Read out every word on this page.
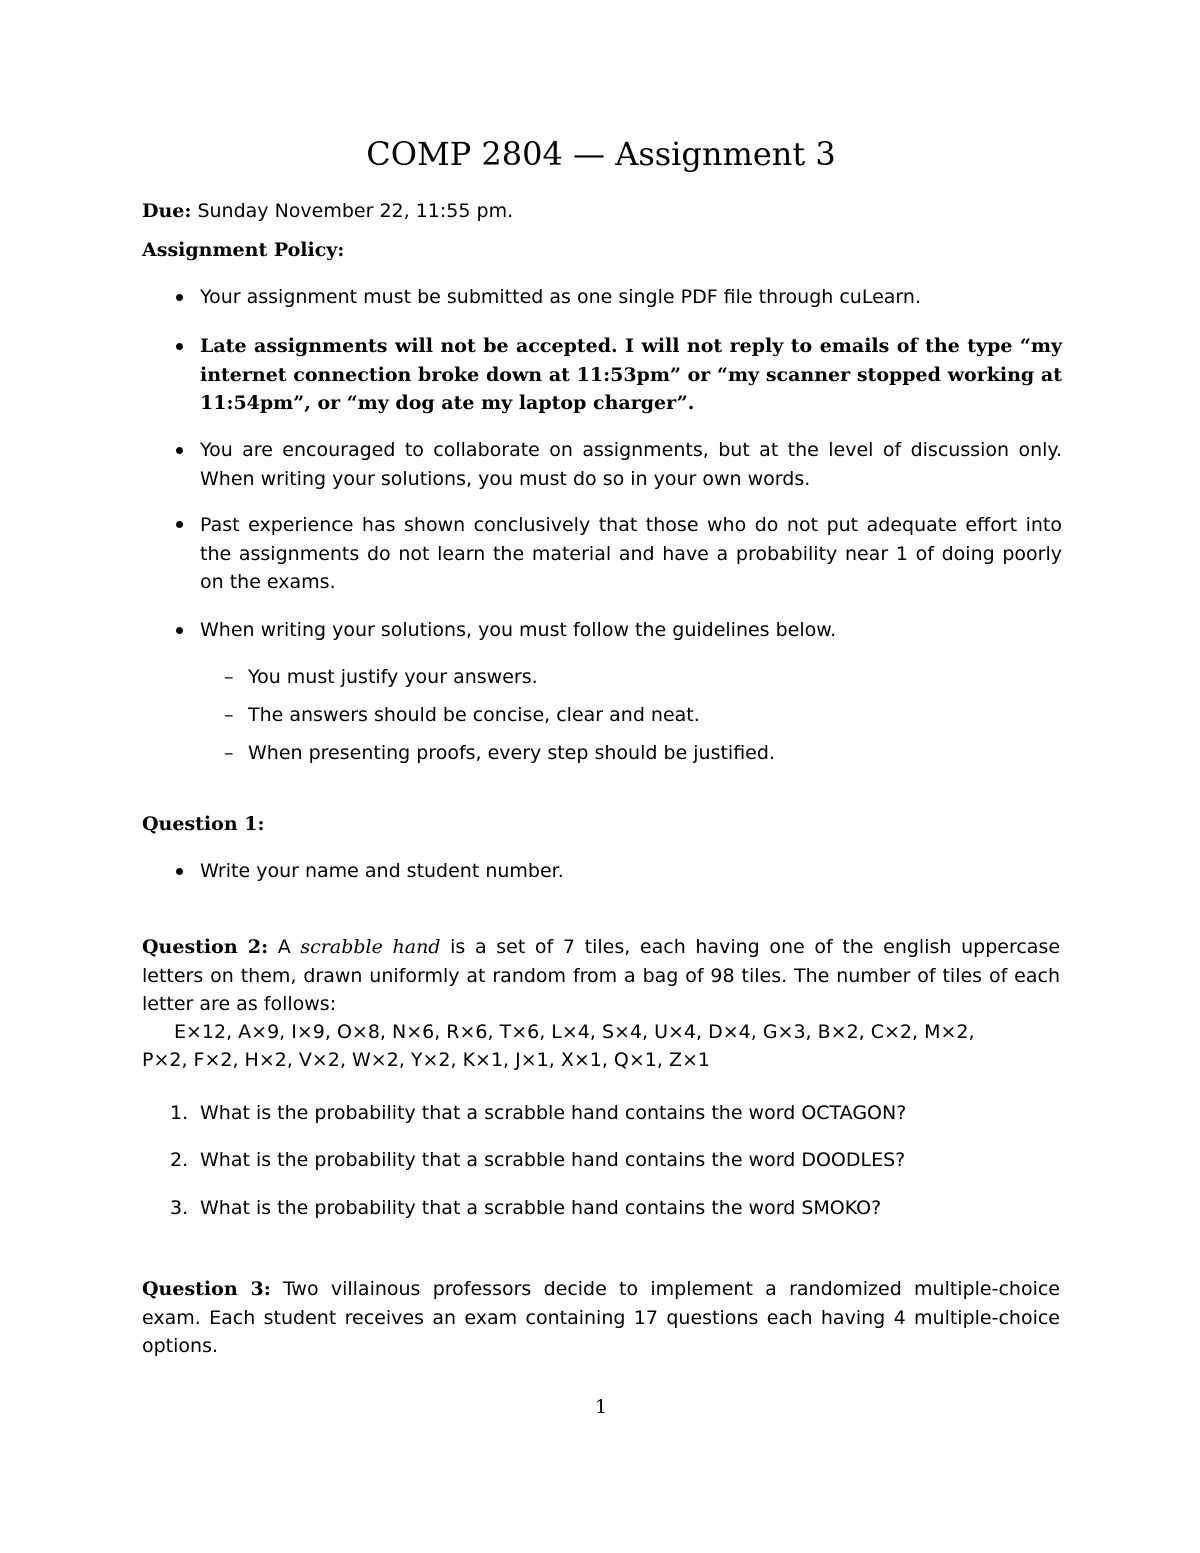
COMP 2804 — Assignment 3
Due: Sunday November 22, 11:55 pm.
Assignment Policy:
Your assignment must be submitted as one single PDF file through cuLearn.
Late assignments will not be accepted. I will not reply to emails of the type “my internet connection broke down at 11:53pm” or “my scanner stopped working at 11:54pm”, or “my dog ate my laptop charger”.
You are encouraged to collaborate on assignments, but at the level of discussion only. When writing your solutions, you must do so in your own words.
Past experience has shown conclusively that those who do not put adequate effort into the assignments do not learn the material and have a probability near 1 of doing poorly on the exams.
When writing your solutions, you must follow the guidelines below.
– You must justify your answers.
– The answers should be concise, clear and neat.
– When presenting proofs, every step should be justified.
Question 1:
Write your name and student number.
Question 2: A scrabble hand is a set of 7 tiles, each having one of the english uppercase letters on them, drawn uniformly at random from a bag of 98 tiles. The number of tiles of each letter are as follows:
E×12, A×9, I×9, O×8, N×6, R×6, T×6, L×4, S×4, U×4, D×4, G×3, B×2, C×2, M×2,
P×2, F×2, H×2, V×2, W×2, Y×2, K×1, J×1, X×1, Q×1, Z×1
1. What is the probability that a scrabble hand contains the word OCTAGON?
2. What is the probability that a scrabble hand contains the word DOODLES?
3. What is the probability that a scrabble hand contains the word SMOKO?
Question 3: Two villainous professors decide to implement a randomized multiple-choice exam. Each student receives an exam containing 17 questions each having 4 multiple-choice options.
1
